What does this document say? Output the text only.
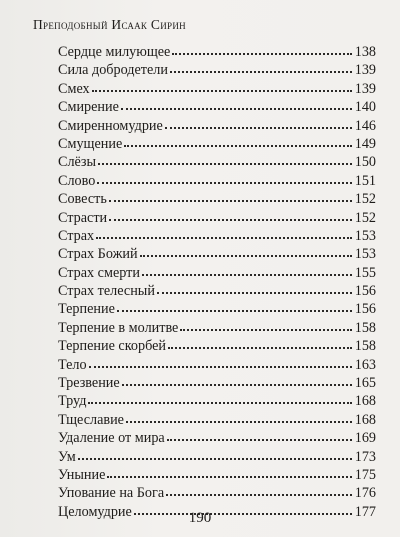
Преподобный Исаак Сирин
Сердце милующее	138
Сила добродетели	139
Смех	139
Смирение	140
Смиренномудрие	146
Смущение	149
Слёзы	150
Слово	151
Совесть	152
Страсти	152
Страх	153
Страх Божий	153
Страх смерти	155
Страх телесный	156
Терпение	156
Терпение в молитве	158
Терпение скорбей	158
Тело	163
Трезвение	165
Труд	168
Тщеславие	168
Удаление от мира	169
Ум	173
Уныние	175
Упование на Бога	176
Целомудрие	177
190
